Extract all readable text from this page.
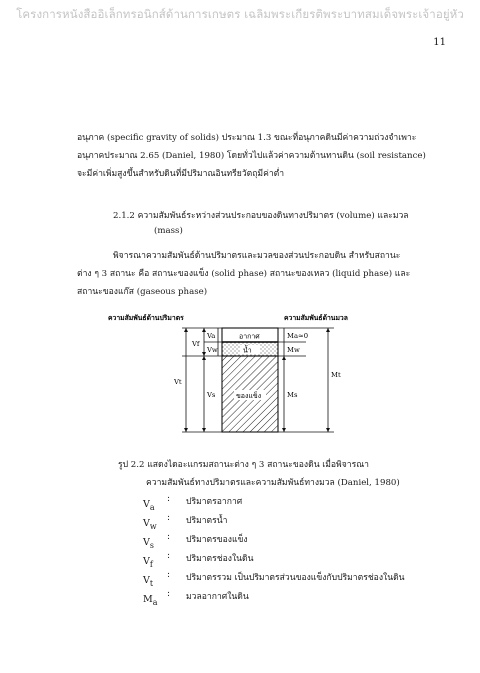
โครงการหนังสืออิเล็กทรอนิกส์ด้านการเกษตร เฉลิมพระเกียรติพระบาทสมเด็จพระเจ้าอยู่หัว
11
อนุภาค (specific gravity of solids) ประมาณ 1.3 ขณะที่อนุภาคดินมีค่าความถ่วงจำเพาะ
อนุภาคประมาณ 2.65 (Daniel, 1980) โดยทั่วไปแล้วค่าความต้านทานดิน (soil resistance)
จะมีค่าเพิ่มสูงขึ้นสำหรับดินที่มีปริมาณอินทรียวัตถุมีค่าต่ำ
2.1.2 ความสัมพันธ์ระหว่างส่วนประกอบของดินทางปริมาตร (volume) และมวล
(mass)
พิจารณาความสัมพันธ์ด้านปริมาตรและมวลของส่วนประกอบดิน สำหรับสถานะ
ต่าง ๆ 3 สถานะ คือ สถานะของแข็ง (solid phase) สถานะของเหลว (liquid phase) และ
สถานะของแก๊ส (gaseous phase)
ความสัมพันธ์ด้านปริมาตร	ความสัมพันธ์ด้านมวล
อากาศ
น้ำ
ของแข็ง
Va
Vw
Vf
Vs
Vt
Ma≈0
Mw
Ms
Mt
รูป 2.2 แสดงไดอะแกรมสถานะต่าง ๆ 3 สถานะของดิน เมื่อพิจารณา
ความสัมพันธ์ทางปริมาตรและความสัมพันธ์ทางมวล (Daniel, 1980)
$V_a$
: ปริมาตรอากาศ
$V_w$
: ปริมาตรน้ำ
$V_s$
: ปริมาตรของแข็ง
$V_f$
: ปริมาตรช่องในดิน
$V_t$
: ปริมาตรรวม เป็นปริมาตรส่วนของแข็งกับปริมาตรช่องในดิน
$M_a$
: มวลอากาศในดิน
